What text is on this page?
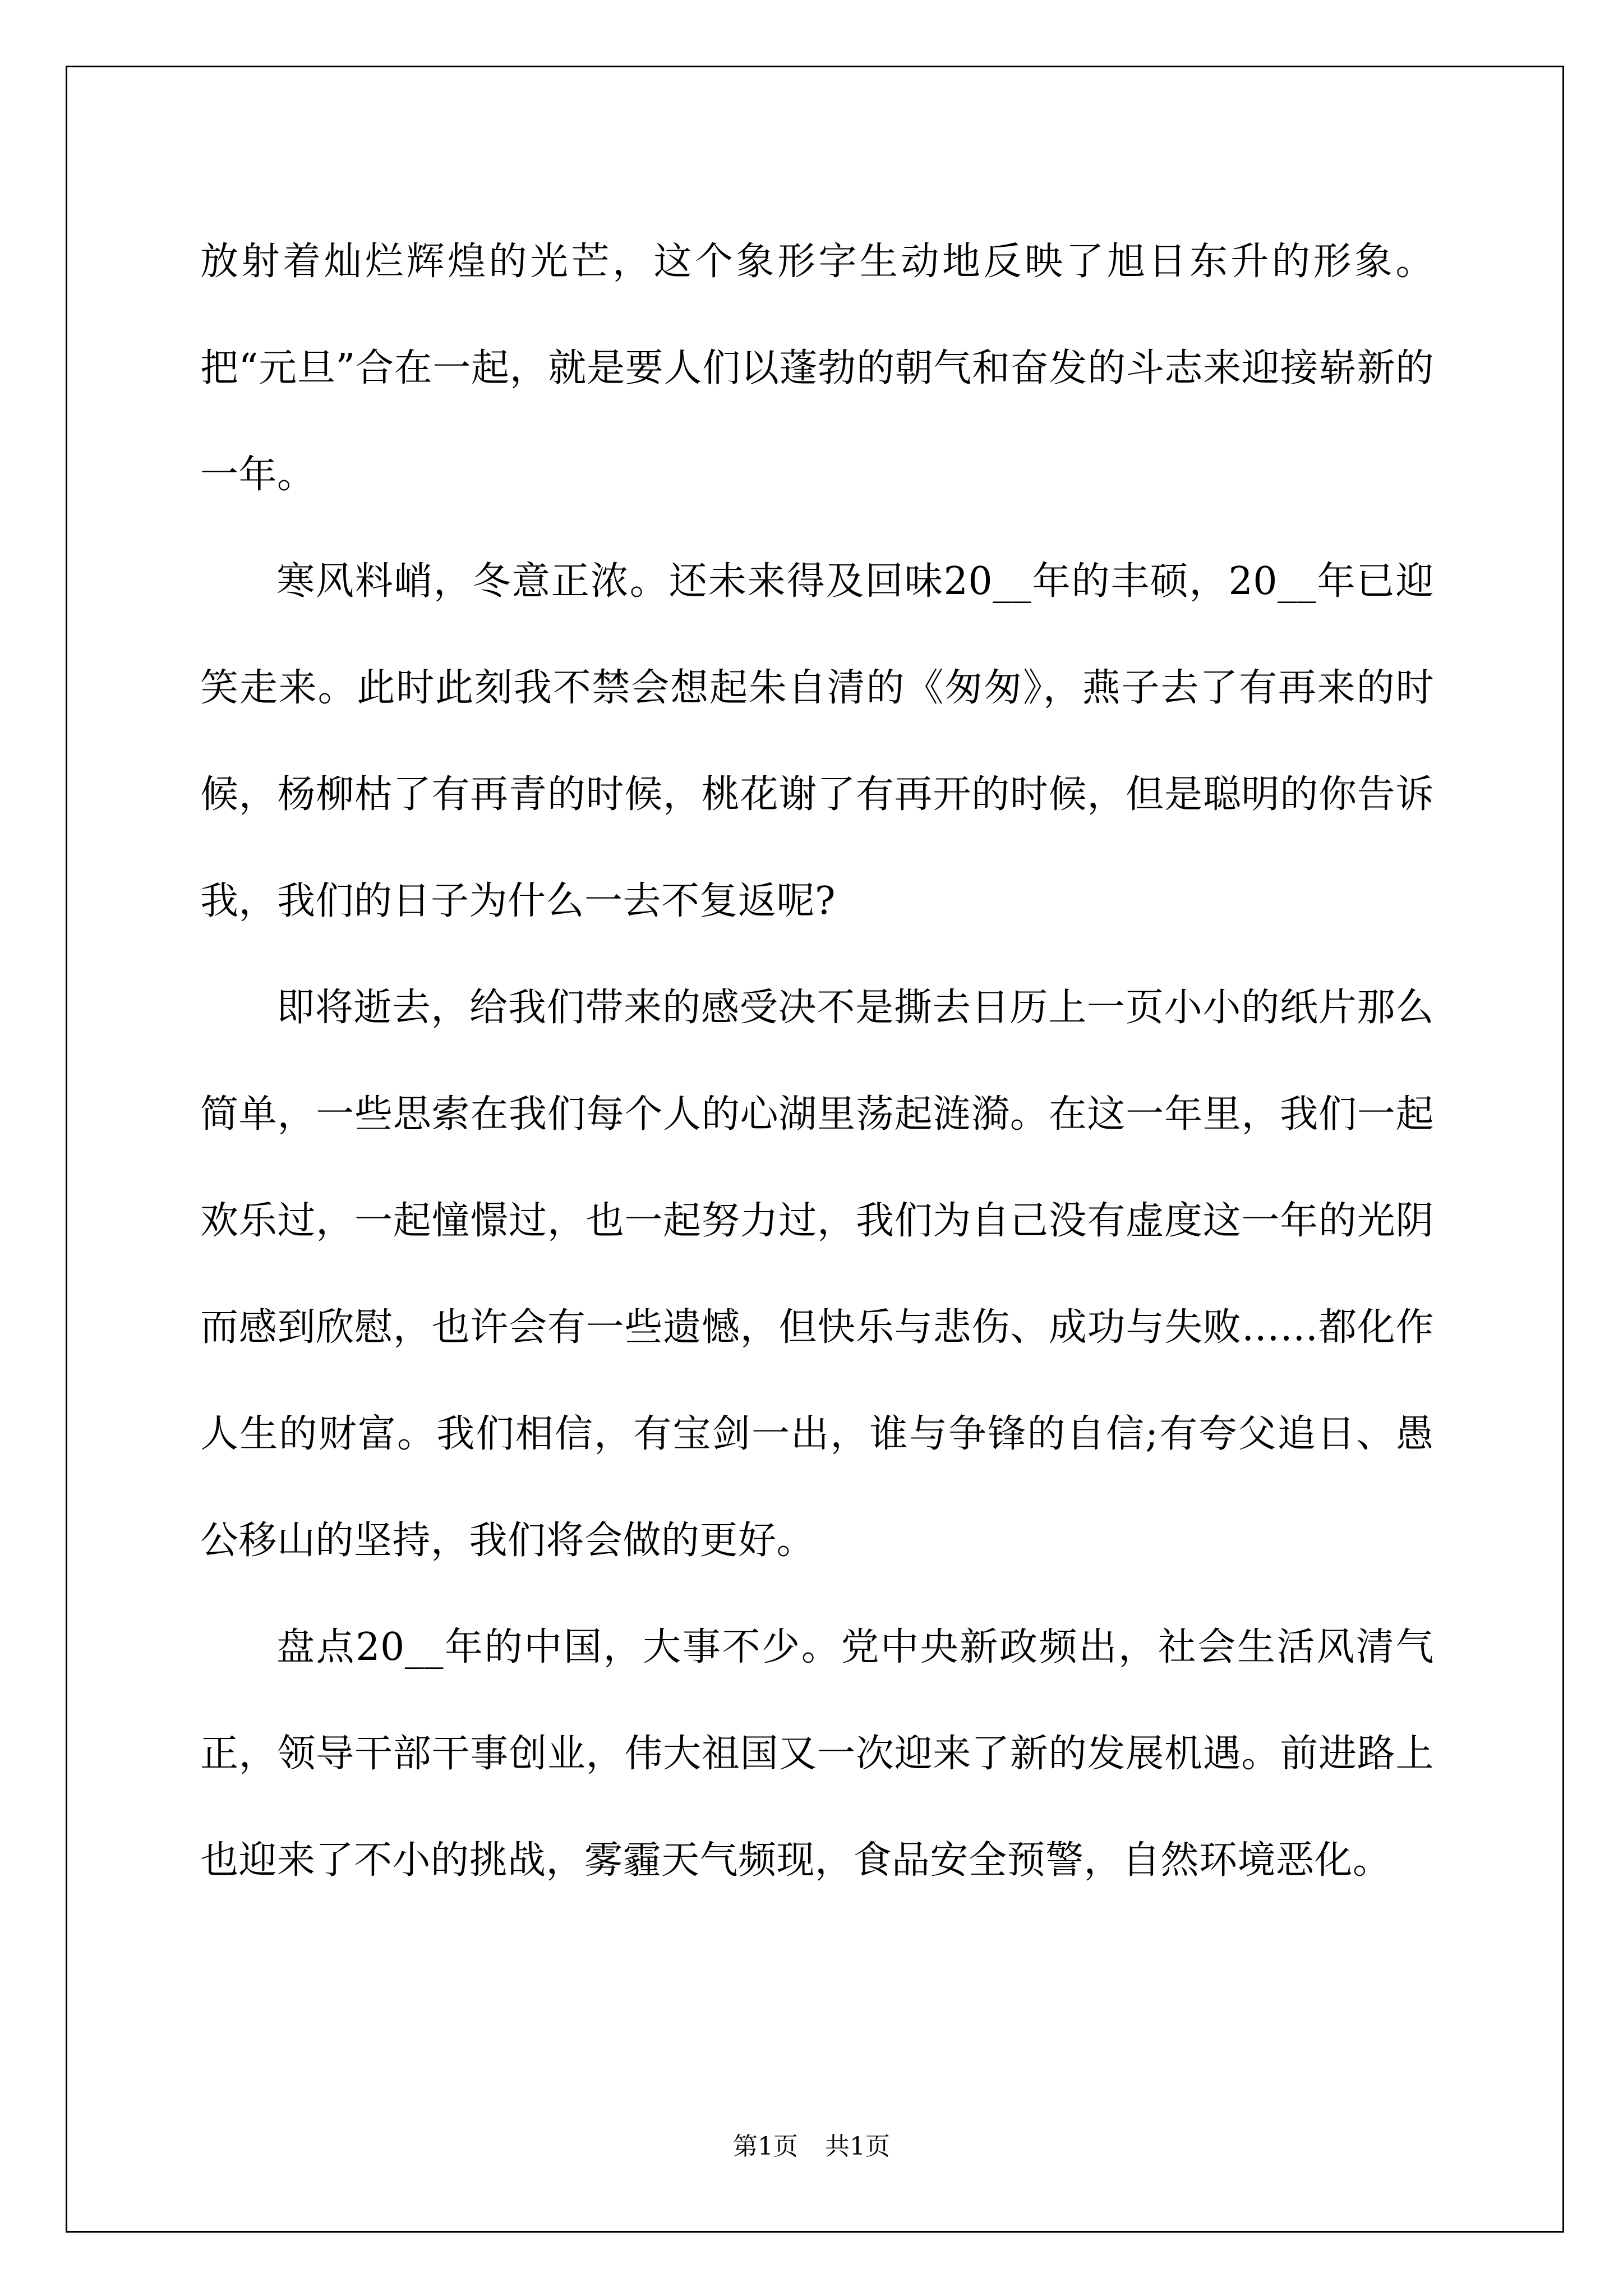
放射着灿烂辉煌的光芒，这个象形字生动地反映了旭日东升的形象。把“元旦”合在一起，就是要人们以蓬勃的朝气和奋发的斗志来迎接崭新的一年。

寒风料峭，冬意正浓。还未来得及回味20__年的丰硕，20__年已迎笑走来。此时此刻我不禁会想起朱自清的《匆匆》，燕子去了有再来的时候，杨柳枯了有再青的时候，桃花谢了有再开的时候，但是聪明的你告诉我，我们的日子为什么一去不复返呢?

即将逝去，给我们带来的感受决不是撕去日历上一页小小的纸片那么简单，一些思索在我们每个人的心湖里荡起涟漪。在这一年里，我们一起欢乐过，一起憧憬过，也一起努力过，我们为自己没有虚度这一年的光阴而感到欣慰，也许会有一些遗憾，但快乐与悲伤、成功与失败……都化作人生的财富。我们相信，有宝剑一出，谁与争锋的自信;有夸父追日、愚公移山的坚持，我们将会做的更好。

盘点20__年的中国，大事不少。党中央新政频出，社会生活风清气正，领导干部干事创业，伟大祖国又一次迎来了新的发展机遇。前进路上也迎来了不小的挑战，雾霾天气频现，食品安全预警，自然环境恶化。

第1页 共1页
